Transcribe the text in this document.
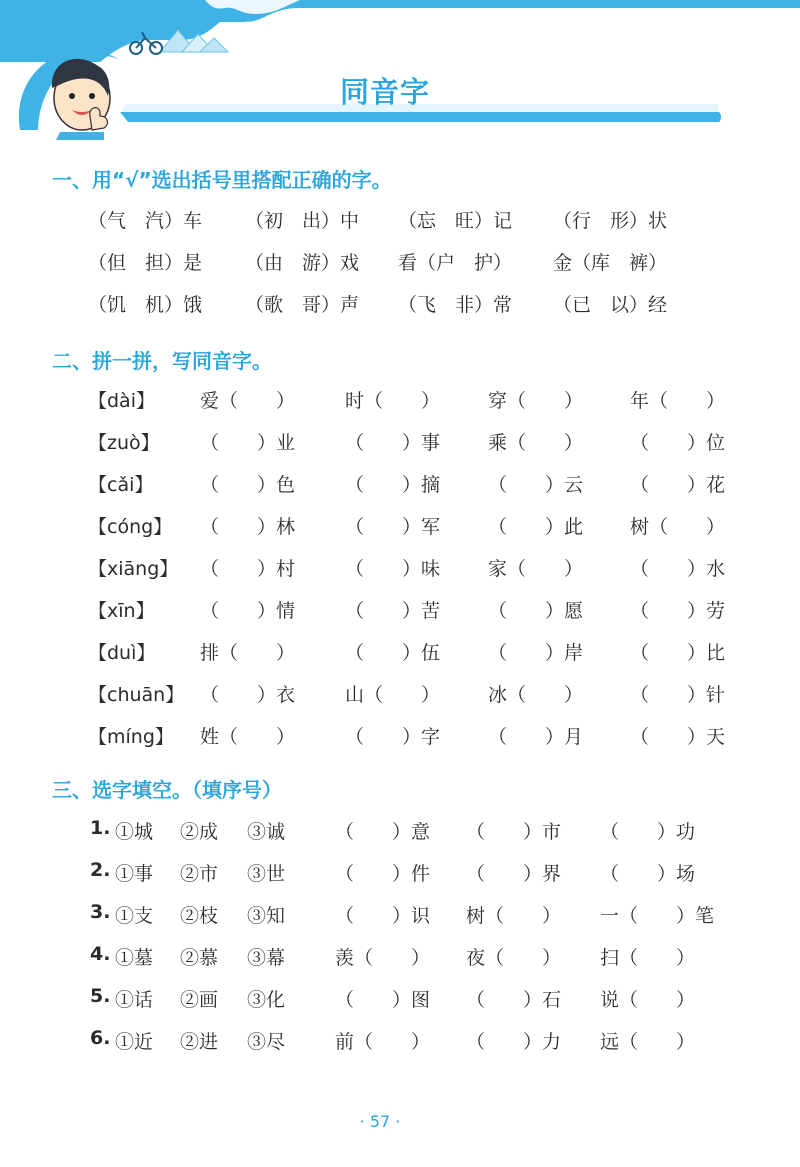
同音字
一、用“√”选出括号里搭配正确的字。
（气　汽）车 （初　出）中 （忘　旺）记 （行　形）状
（但　担）是 （由　游）戏 看（户　护） 金（库　裤）
（饥　机）饿 （歌　哥）声 （飞　非）常 （已　以）经
二、拼一拼，写同音字。
【dài】 爱（　　）	时（　　）	穿（　　） 年（　　）
【zuò】 （　　）业	（　　）事	乘（　　） （　　）位
【cǎi】 （　　）色	（　　）摘	（　　）云 （　　）花
【cóng】 （　　）林	（　　）军	（　　）此 树（　　）
【xiāng】 （　　）村	（　　）味	家（　　） （　　）水
【xīn】 （　　）情	（　　）苦	（　　）愿 （　　）劳
【duì】 排（　　）	（　　）伍	（　　）岸 （　　）比
【chuān】 （　　）衣	山（　　）	冰（　　） （　　）针
【míng】 姓（　　）	（　　）字	（　　）月 （　　）天
三、选字填空。（填序号）
1. ①城 ②成 ③诚	（　　）意 （　　）市 （　　）功
2. ①事 ②市 ③世	（　　）件 （　　）界 （　　）场
3. ①支 ②枝 ③知	（　　）识 树（　　） 一（　　）笔
4. ①墓 ②慕 ③幕	羡（　　） 夜（　　） 扫（　　）
5. ①话 ②画 ③化	（　　）图 （　　）石 说（　　）
6. ①近 ②进 ③尽	前（　　） （　　）力 远（　　）
· 57 ·
